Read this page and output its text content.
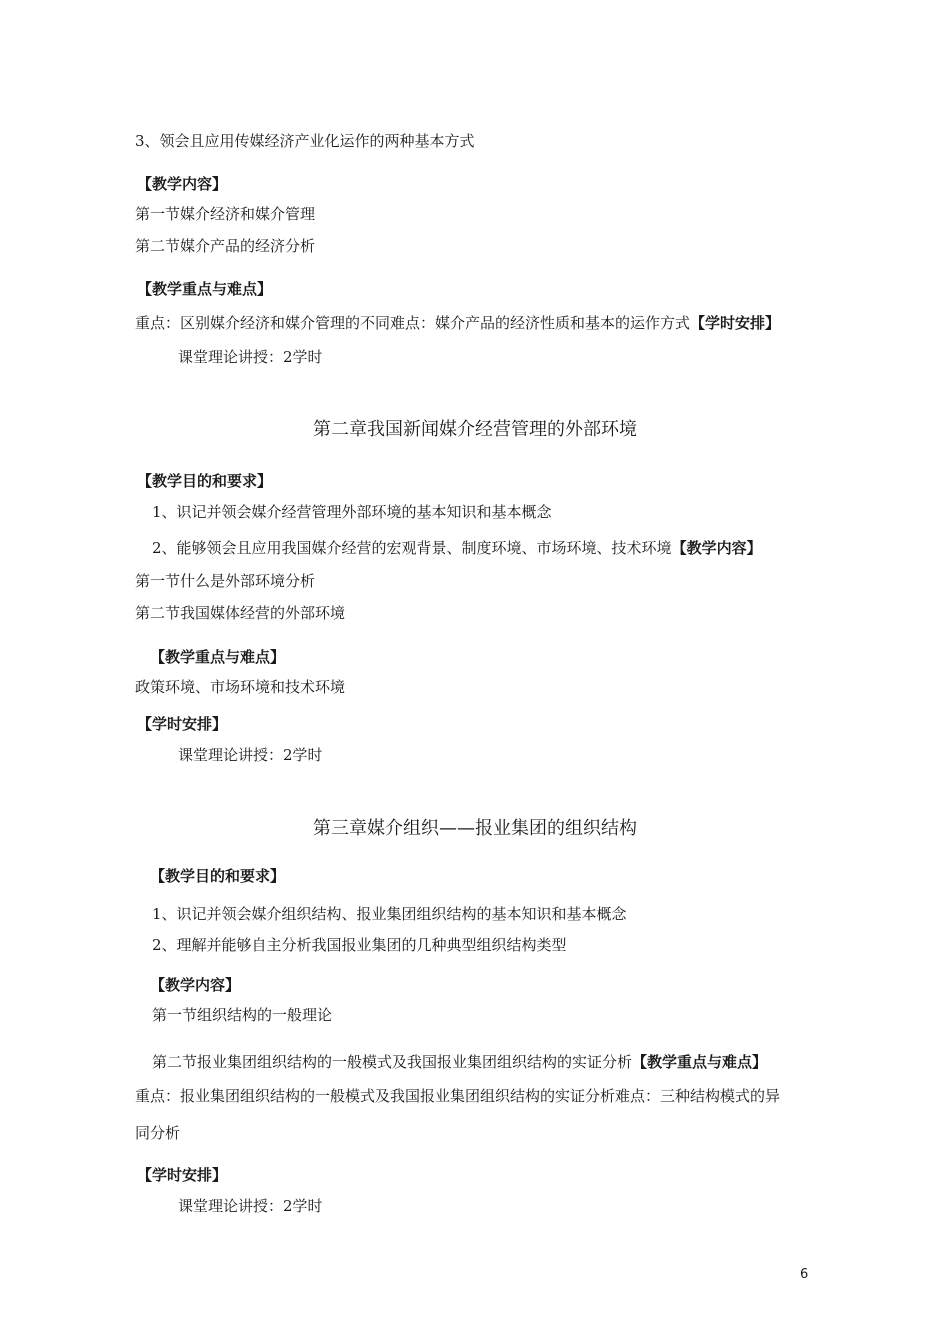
3、领会且应用传媒经济产业化运作的两种基本方式
【教学内容】
第一节媒介经济和媒介管理
第二节媒介产品的经济分析
【教学重点与难点】
重点：区别媒介经济和媒介管理的不同难点：媒介产品的经济性质和基本的运作方式【学时安排】
课堂理论讲授：2学时
第二章我国新闻媒介经营管理的外部环境
【教学目的和要求】
1、识记并领会媒介经营管理外部环境的基本知识和基本概念
2、能够领会且应用我国媒介经营的宏观背景、制度环境、市场环境、技术环境【教学内容】
第一节什么是外部环境分析
第二节我国媒体经营的外部环境
【教学重点与难点】
政策环境、市场环境和技术环境
【学时安排】
课堂理论讲授：2学时
第三章媒介组织——报业集团的组织结构
【教学目的和要求】
1、识记并领会媒介组织结构、报业集团组织结构的基本知识和基本概念
2、理解并能够自主分析我国报业集团的几种典型组织结构类型
【教学内容】
第一节组织结构的一般理论
第二节报业集团组织结构的一般模式及我国报业集团组织结构的实证分析【教学重点与难点】
重点：报业集团组织结构的一般模式及我国报业集团组织结构的实证分析难点：三种结构模式的异
同分析
【学时安排】
课堂理论讲授：2学时
6
